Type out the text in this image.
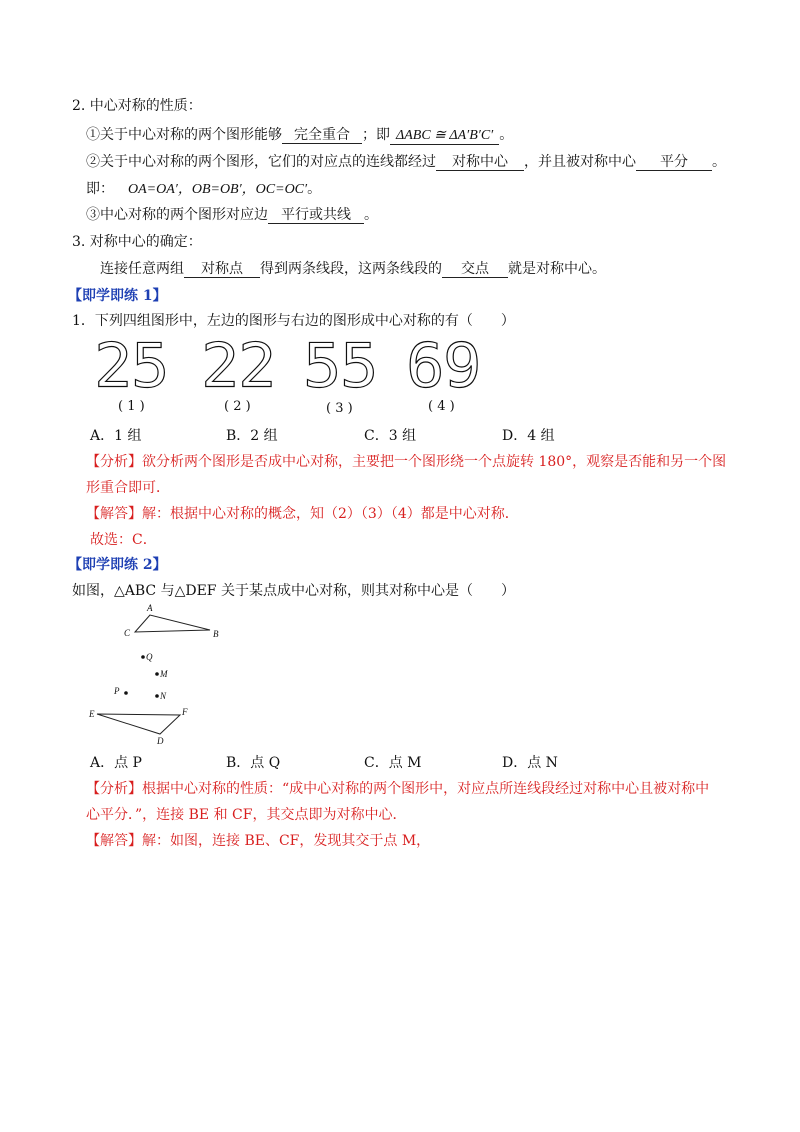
2. 中心对称的性质：
①关于中心对称的两个图形能够 完全重合 ；即 ΔABC ≅ ΔA′B′C′ 。
②关于中心对称的两个图形，它们的对应点的连线都经过 对称中心 ，并且被对称中心 平分 。
即： OA=OA′，OB=OB′，OC=OC′。
③中心对称的两个图形对应边 平行或共线 。
3. 对称中心的确定：
连接任意两组 对称点 得到两条线段，这两条线段的 交点 就是对称中心。
【即学即练 1】
1．下列四组图形中，左边的图形与右边的图形成中心对称的有（　　）
2
5 2
2 5
5 6
9
( 1 )	( 2 )	( 3 )	( 4 )
A．1 组	B．2 组	C．3 组	D．4 组
【分析】欲分析两个图形是否成中心对称，主要把一个图形绕一个点旋转 180°，观察是否能和另一个图
形重合即可．
【解答】解：根据中心对称的概念，知（2）（3）（4）都是中心对称．
故选：C．
【即学即练 2】
如图，△ABC 与△DEF 关于某点成中心对称，则其对称中心是（　　）
A
C	B
Q
M
P	N
E	F
D
A．点 P	B．点 Q	C．点 M	D．点 N
【分析】根据中心对称的性质：“成中心对称的两个图形中，对应点所连线段经过对称中心且被对称中
心平分．”，连接 BE 和 CF，其交点即为对称中心．
【解答】解：如图，连接 BE、CF，发现其交于点 M，
